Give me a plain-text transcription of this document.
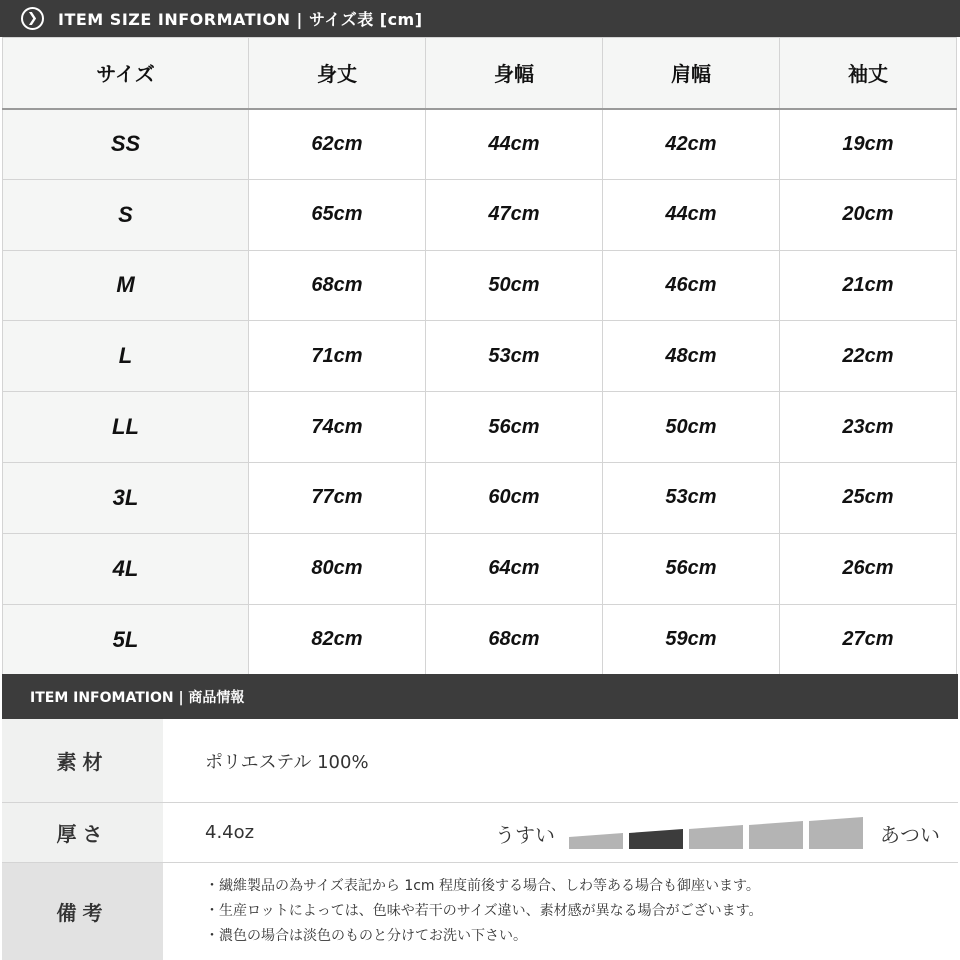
❯	ITEM SIZE INFORMATION | サイズ表 [cm]
サイズ	身丈	身幅	肩幅	袖丈
SS	62cm	44cm	42cm	19cm
S	65cm	47cm	44cm	20cm
M	68cm	50cm	46cm	21cm
L	71cm	53cm	48cm	22cm
LL	74cm	56cm	50cm	23cm
3L	77cm	60cm	53cm	25cm
4L	80cm	64cm	56cm	26cm
5L	82cm	68cm	59cm	27cm
ITEM INFOMATION | 商品情報
素材	ポリエステル 100%
厚さ	4.4oz	うすい	あつい
備考
・繊維製品の為サイズ表記から 1cm 程度前後する場合、しわ等ある場合も御座います。
・生産ロットによっては、色味や若干のサイズ違い、素材感が異なる場合がございます。
・濃色の場合は淡色のものと分けてお洗い下さい。
